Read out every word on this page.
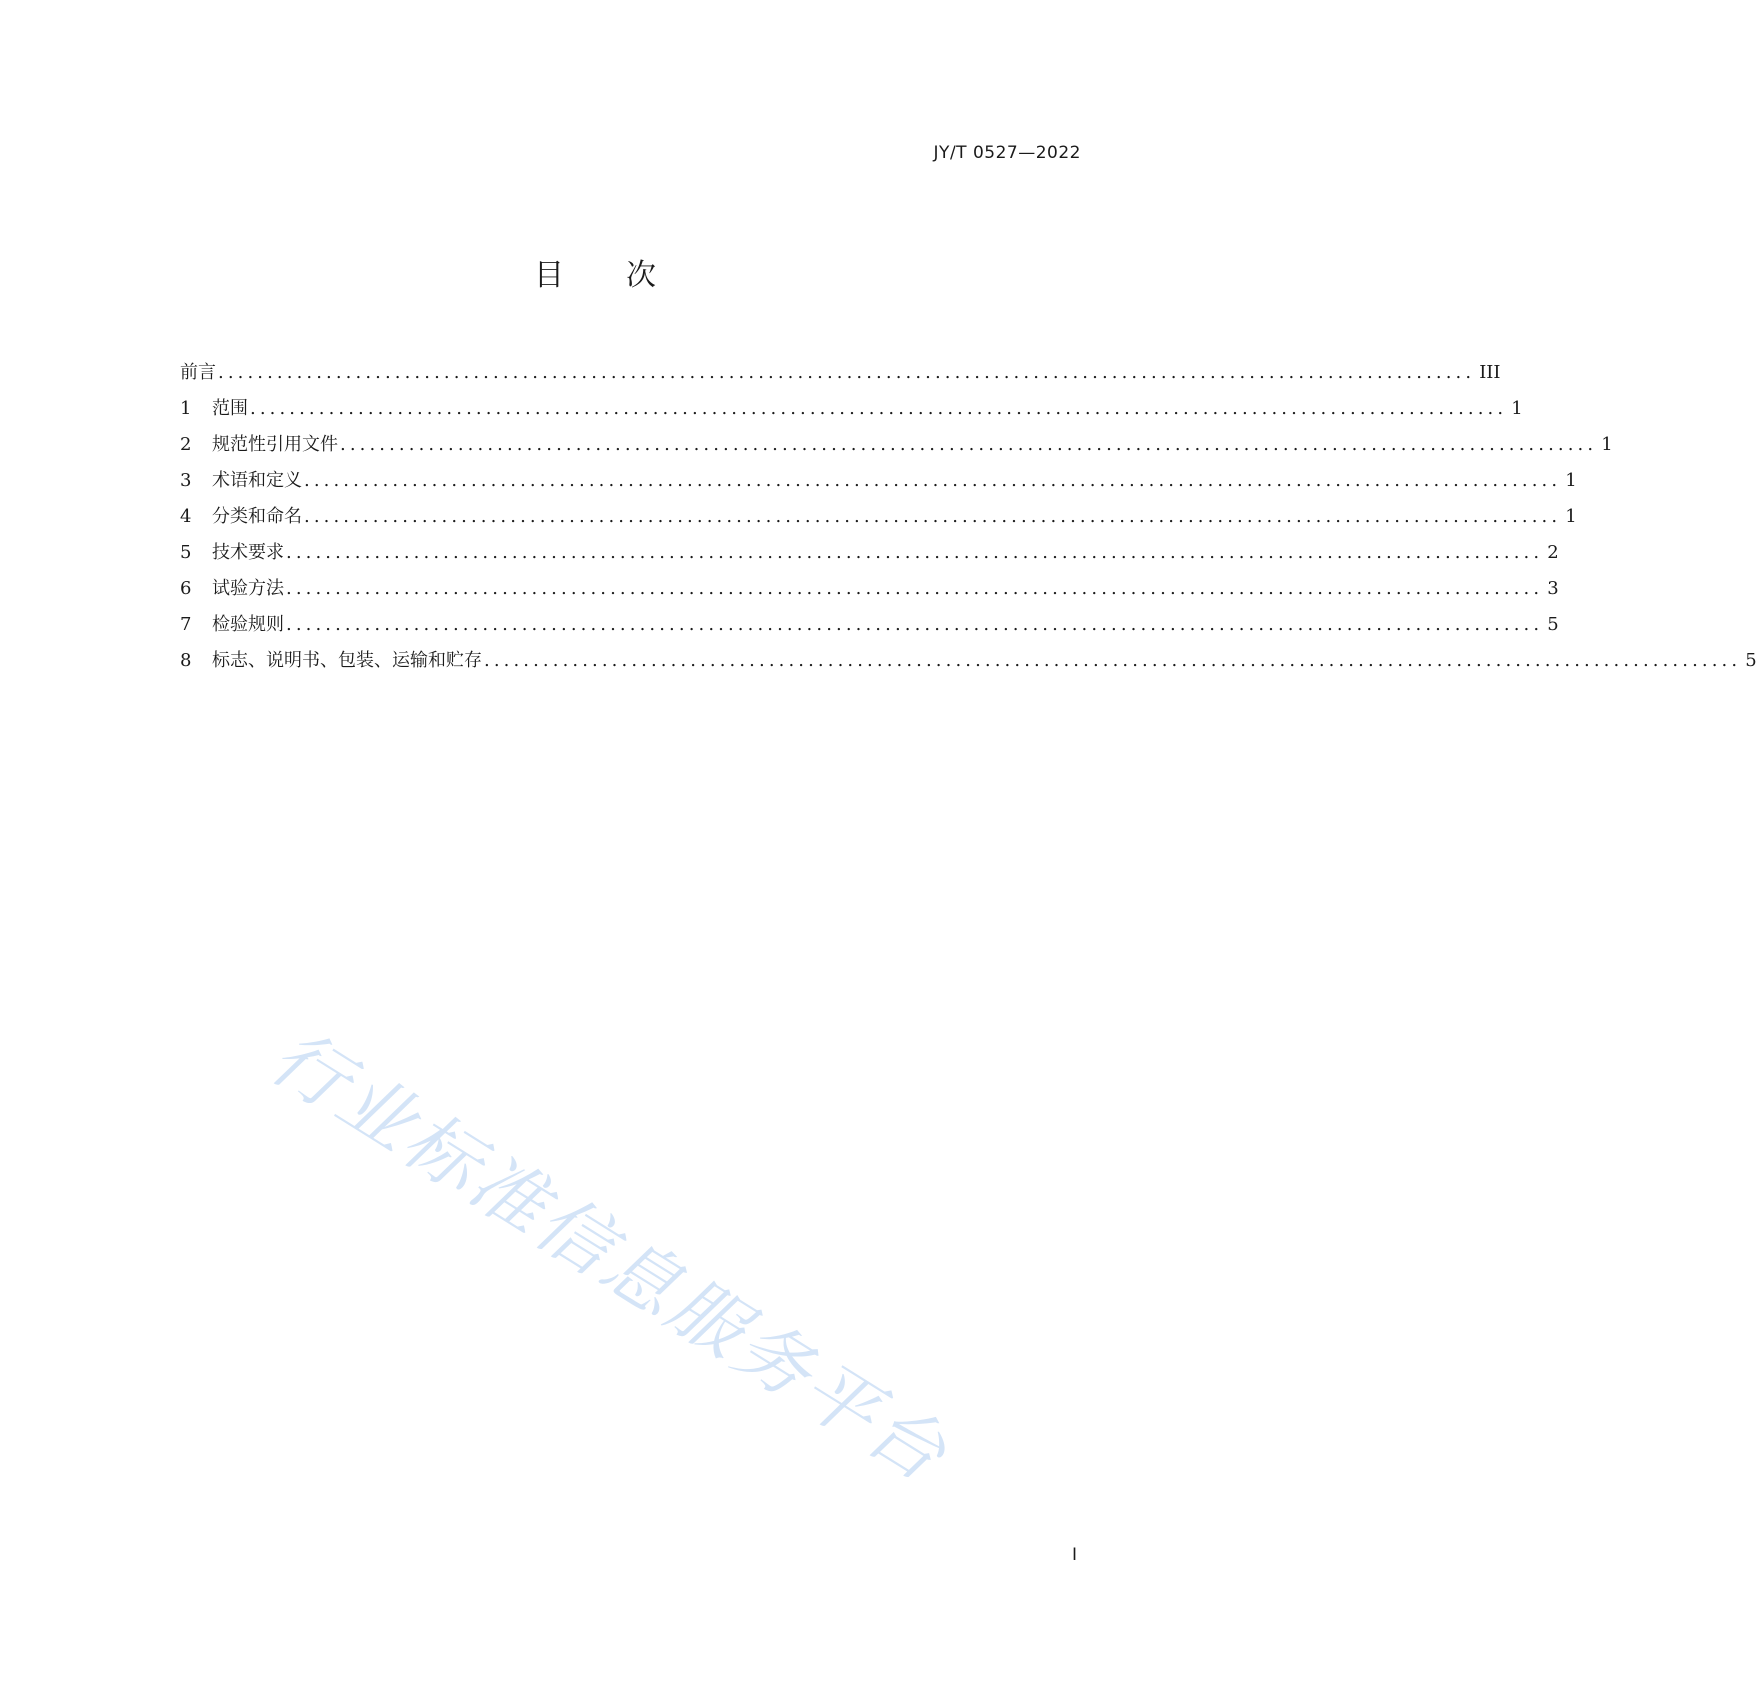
JY/T 0527—2022
目次
前言 ................................................................................................................................ III
1	范围 ................................................................................................................................ 1
2	规范性引用文件 ................................................................................................................................ 1
3	术语和定义 ................................................................................................................................ 1
4	分类和命名 ................................................................................................................................ 1
5	技术要求 ................................................................................................................................ 2
6	试验方法 ................................................................................................................................ 3
7	检验规则 ................................................................................................................................ 5
8	标志、说明书、包装、运输和贮存 ................................................................................................................................ 5
行业标准信息服务平台
I
